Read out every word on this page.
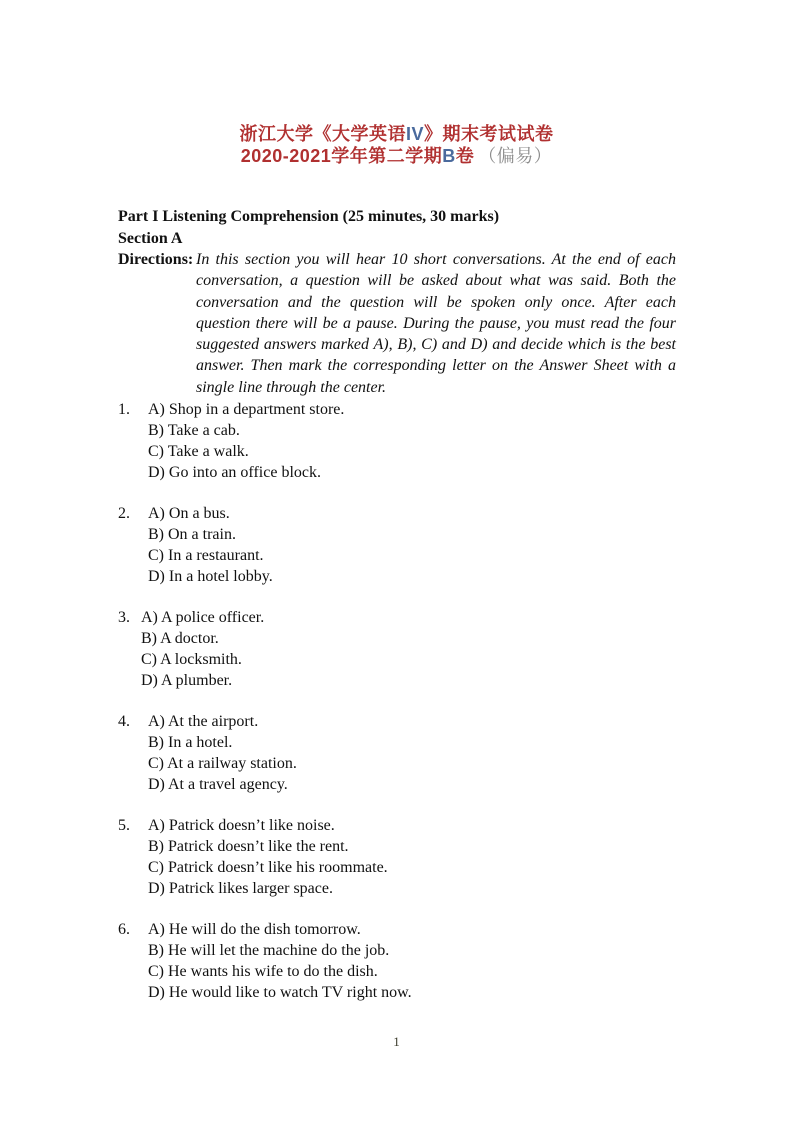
浙江大学《大学英语IV》期末考试试卷
2020-2021学年第二学期B卷 （偏易）
Part I Listening Comprehension (25 minutes, 30 marks)
Section A
Directions: In this section you will hear 10 short conversations. At the end of each conversation, a question will be asked about what was said. Both the conversation and the question will be spoken only once. After each question there will be a pause. During the pause, you must read the four suggested answers marked A), B), C) and D) and decide which is the best answer. Then mark the corresponding letter on the Answer Sheet with a single line through the center.

1.	A) Shop in a department store.
B) Take a cab.
C) Take a walk.
D) Go into an office block.
2.	A) On a bus.
B) On a train.
C) In a restaurant.
D) In a hotel lobby.
3. A) A police officer.
B) A doctor.
C) A locksmith.
D) A plumber.
4.	A) At the airport.
B) In a hotel.
C) At a railway station.
D) At a travel agency.
5.	A) Patrick doesn’t like noise.
B) Patrick doesn’t like the rent.
C) Patrick doesn’t like his roommate.
D) Patrick likes larger space.
6.	A) He will do the dish tomorrow.
B) He will let the machine do the job.
C) He wants his wife to do the dish.
D) He would like to watch TV right now.
1
